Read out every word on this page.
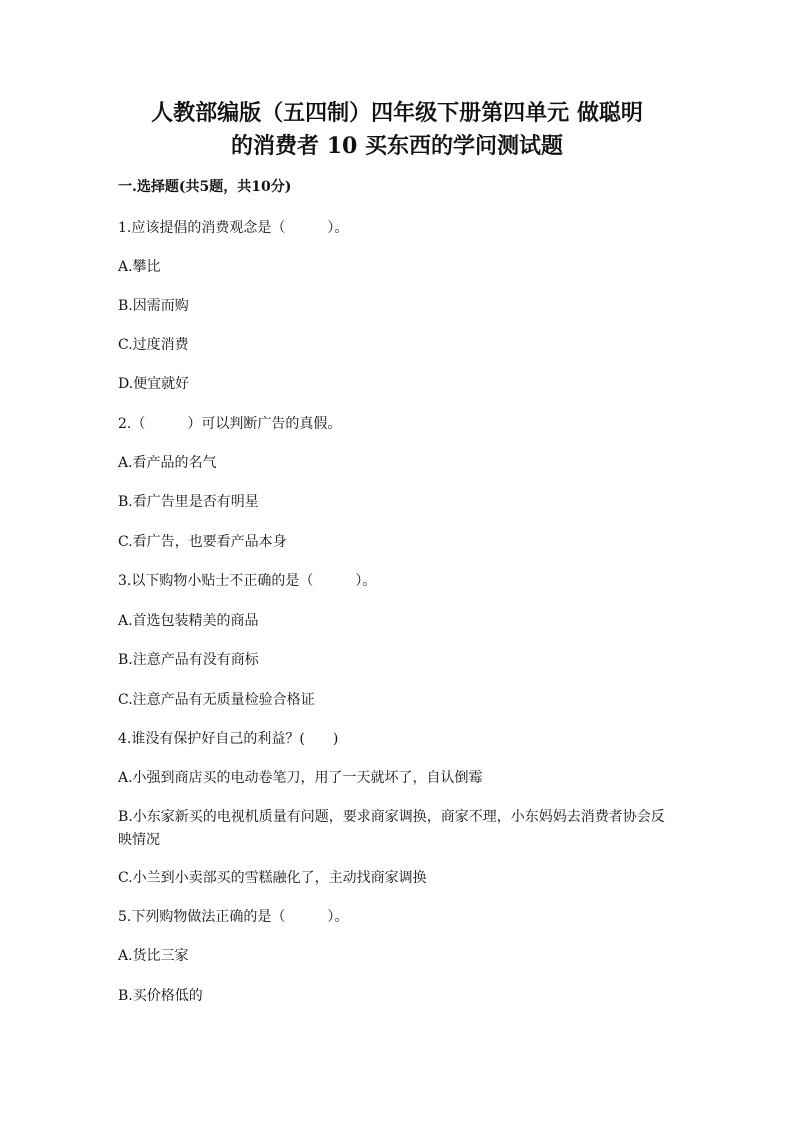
人教部编版（五四制）四年级下册第四单元 做聪明
的消费者 10 买东西的学问测试题

一.选择题(共5题，共10分)

1.应该提倡的消费观念是（　　　）。

A.攀比

B.因需而购

C.过度消费

D.便宜就好

2.（　　　）可以判断广告的真假。

A.看产品的名气

B.看广告里是否有明星

C.看广告，也要看产品本身

3.以下购物小贴士不正确的是（　　　）。

A.首选包装精美的商品

B.注意产品有没有商标

C.注意产品有无质量检验合格证

4.谁没有保护好自己的利益？(　　)

A.小强到商店买的电动卷笔刀，用了一天就坏了，自认倒霉

B.小东家新买的电视机质量有问题，要求商家调换，商家不理，小东妈妈去消费者协会反映情况

C.小兰到小卖部买的雪糕融化了，主动找商家调换

5.下列购物做法正确的是（　　　）。

A.货比三家

B.买价格低的
